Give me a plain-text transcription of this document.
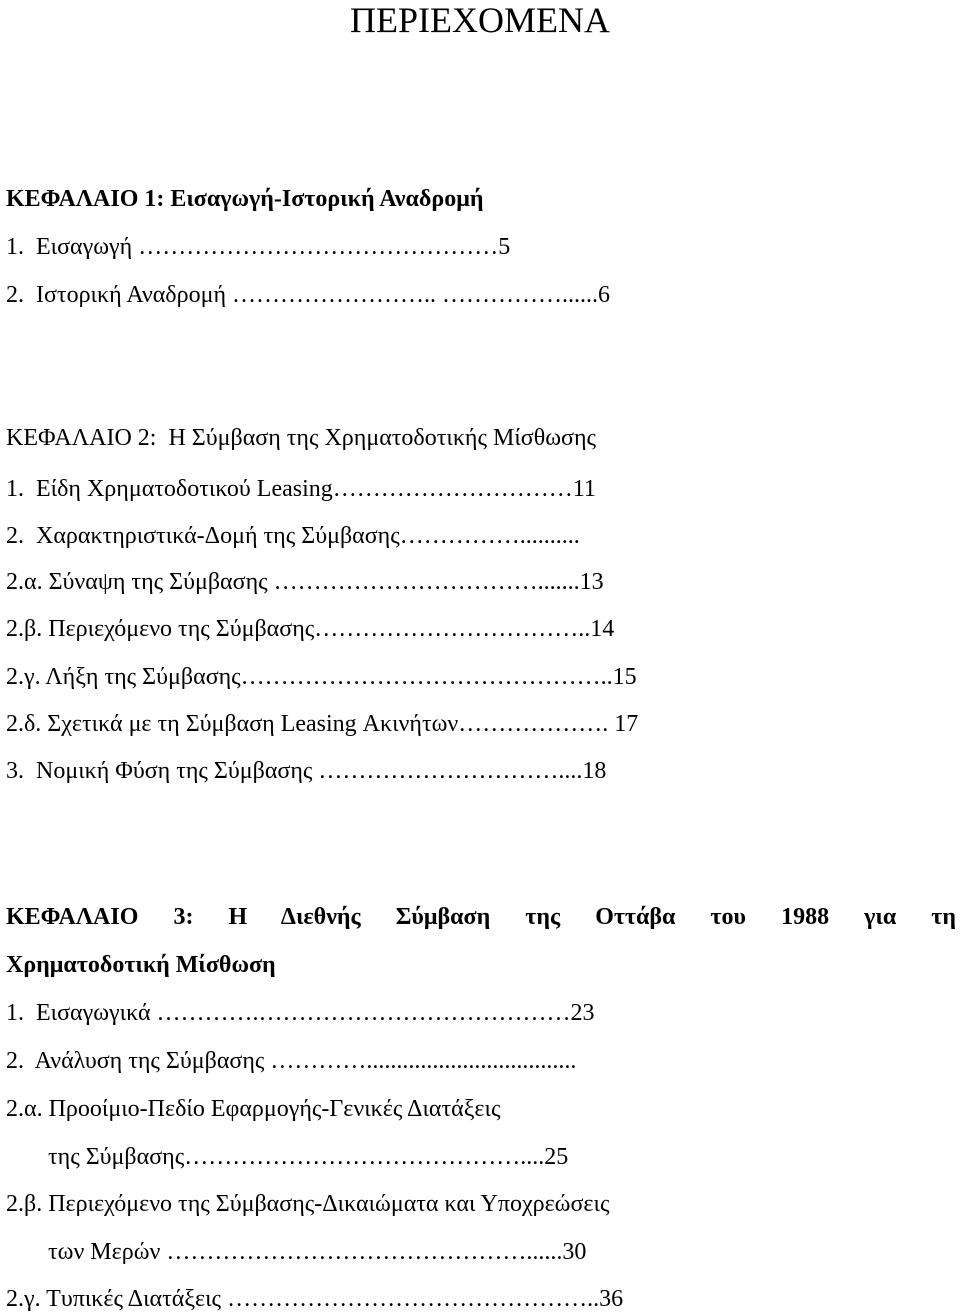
ΠΕΡΙΕΧΟΜΕΝΑ
ΚΕΦΑΛΑΙΟ 1: Εισαγωγή-Ιστορική Αναδρομή
1.  Εισαγωγή ………………………………………5
2.  Ιστορική Αναδρομή …………………….. ……………......6
ΚΕΦΑΛΑΙΟ 2:  Η Σύμβαση της Χρηματοδοτικής Μίσθωσης
1.  Είδη Χρηματοδοτικού Leasing…………………………11
2.  Χαρακτηριστικά-Δομή της Σύμβασης……………..........
2.α. Σύναψη της Σύμβασης …………………………….......13
2.β. Περιεχόμενο της Σύμβασης……………………………..14
2.γ. Λήξη της Σύμβασης………………………………………..15
2.δ. Σχετικά με τη Σύμβαση Leasing Ακινήτων………………. 17
3.  Νομική Φύση της Σύμβασης …………………………....18
ΚΕΦΑΛΑΙΟ 3: Η Διεθνής Σύμβαση της Οττάβα του 1988 για τη
Χρηματοδοτική Μίσθωση
1.  Εισαγωγικά ………….…………………………………23
2.  Ανάλυση της Σύμβασης …………...................................
2.α. Προοίμιο-Πεδίο Εφαρμογής-Γενικές Διατάξεις
της Σύμβασης……………………………………....25
2.β. Περιεχόμενο της Σύμβασης-Δικαιώματα και Υποχρεώσεις
των Μερών ………………………………………......30
2.γ. Τυπικές Διατάξεις ………………………………………..36
